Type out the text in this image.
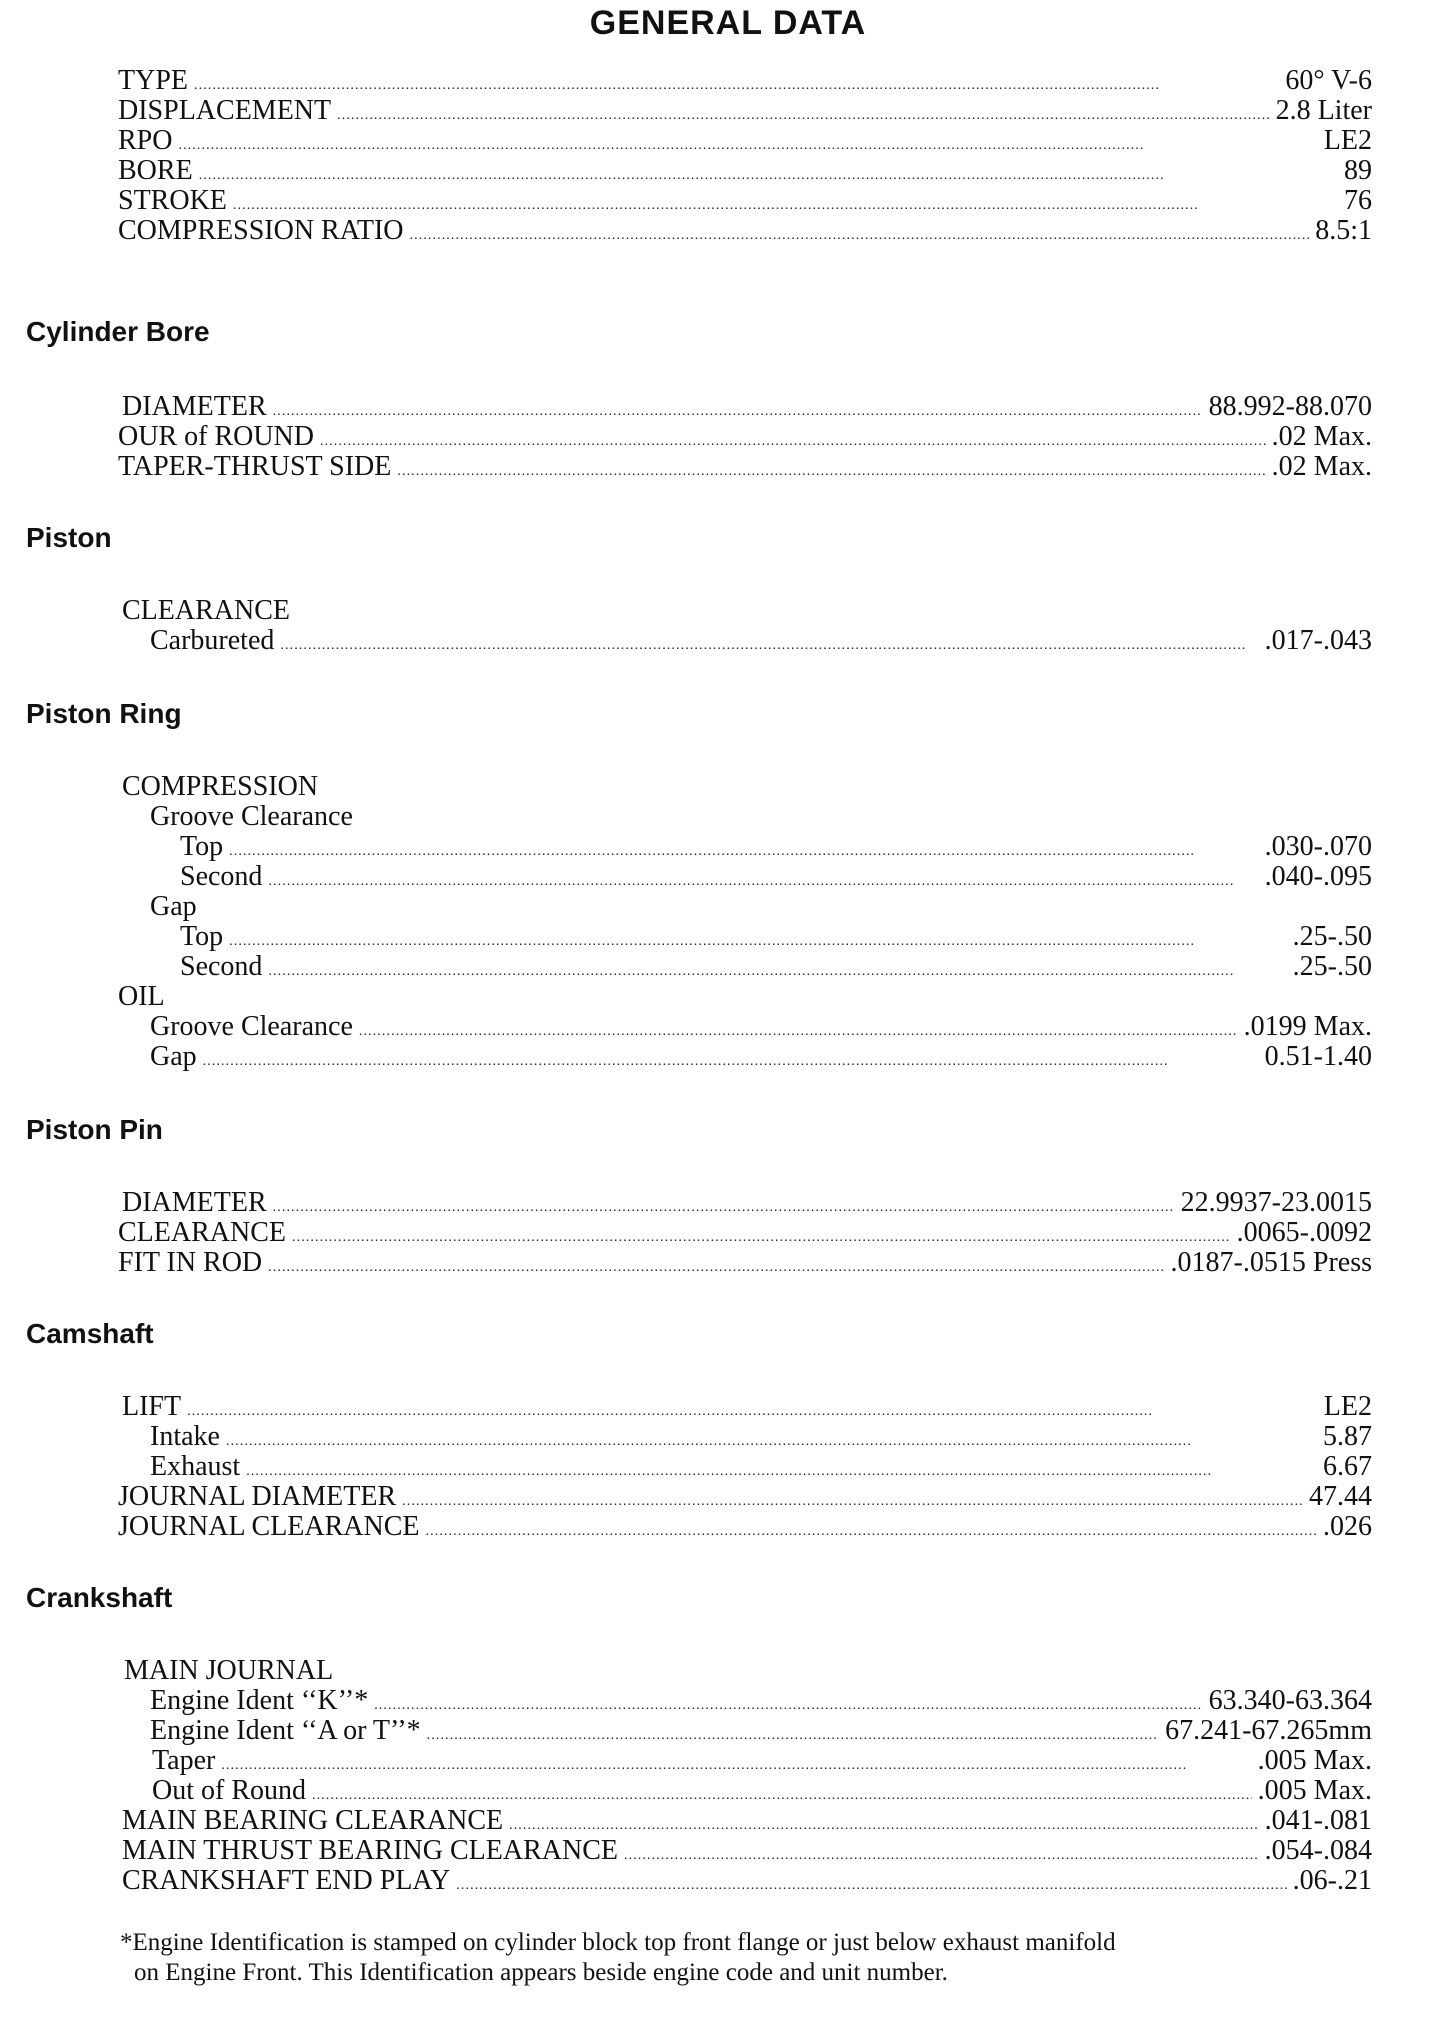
GENERAL DATA
TYPE . . .	60° V-6
DISPLACEMENT . . .	2.8 Liter
RPO . . .	LE2
BORE . . .	89
STROKE . . .	76
COMPRESSION RATIO . . .	8.5:1
Cylinder Bore
DIAMETER . . .	88.992-88.070
OUR of ROUND . . .	.02 Max.
TAPER-THRUST SIDE . . .	.02 Max.
Piston
CLEARANCE
Carbureted . . .	.017-.043
Piston Ring
COMPRESSION
Groove Clearance
Top . . .	.030-.070
Second . . .	.040-.095
Gap
Top . . .	.25-.50
Second . . .	.25-.50
OIL
Groove Clearance . . .	.0199 Max.
Gap . . .	0.51-1.40
Piston Pin
DIAMETER . . .	22.9937-23.0015
CLEARANCE . . .	.0065-.0092
FIT IN ROD . . .	.0187-.0515 Press
Camshaft
LIFT . . .	LE2
Intake . . .	5.87
Exhaust . . .	6.67
JOURNAL DIAMETER . . .	47.44
JOURNAL CLEARANCE . . .	.026
Crankshaft
MAIN JOURNAL
Engine Ident ‘‘K’’* . . .	63.340-63.364
Engine Ident ‘‘A or T’’* . . .	67.241-67.265mm
Taper . . .	.005 Max.
Out of Round . . .	.005 Max.
MAIN BEARING CLEARANCE . . .	.041-.081
MAIN THRUST BEARING CLEARANCE . . .	.054-.084
CRANKSHAFT END PLAY . . .	.06-.21
*Engine Identification is stamped on cylinder block top front flange or just below exhaust manifold
on Engine Front. This Identification appears beside engine code and unit number.
